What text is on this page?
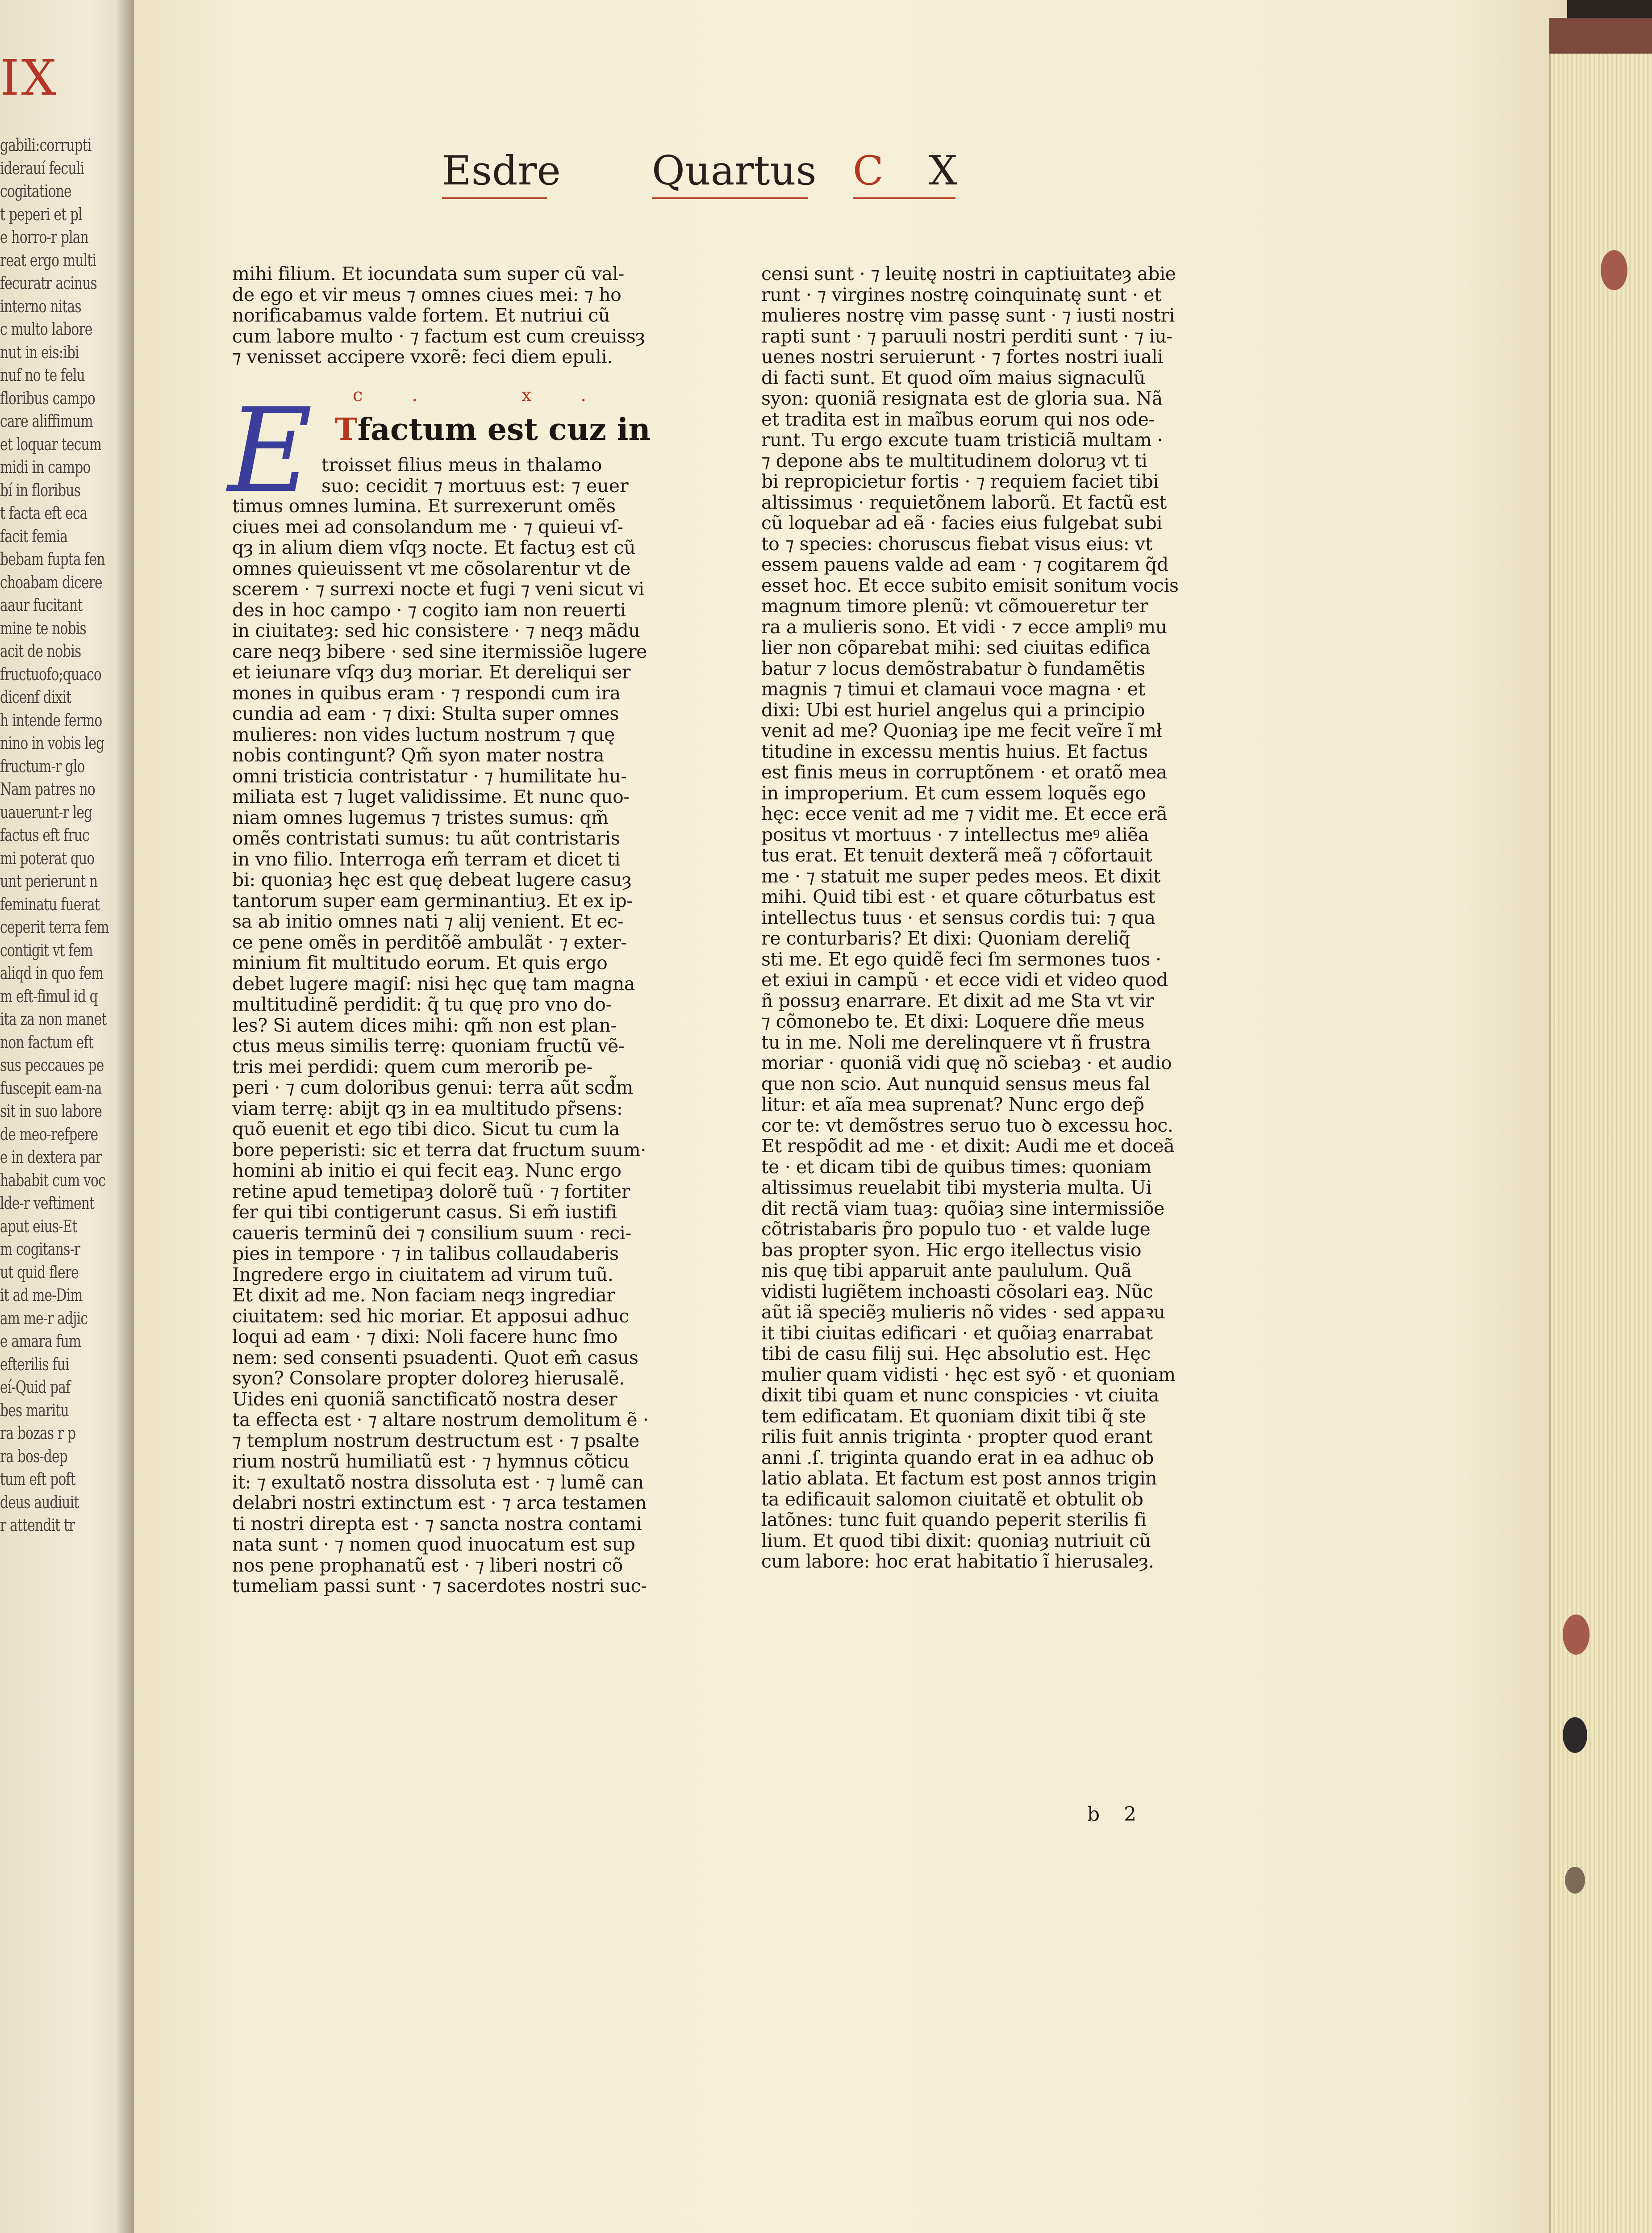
IX
gabili:corrupti
iderauí feculi
cogitatione
t peperi et pl
e horro-r plan
reat ergo multi
fecuratr acinus
interno nitas
c multo labore
nut in eis:ibi
nuf no te felu
floribus campo
care aliffimum
et loquar tecum
midi in campo
bí in floribus
t facta eft eca
facit femia
bebam fupta fen
choabam dicere
aaur fucitant
mine te nobis
acit de nobis
fructuofo;quaco
dicenf dixit
h intende fermo
nino in vobis leg
fructum-r glo
Nam patres no
uauerunt-r leg
factus eft fruc
mi poterat quo
unt perierunt n
feminatu fuerat
ceperit terra fem
contigit vt fem
aliqd in quo fem
m eft-fimul id q
ita za non manet
non factum eft
sus peccaues pe
fuscepit eam-na
sit in suo labore
de meo-refpere
e in dextera par
hababit cum voc
lde-r veftiment
aput eius-Et
m cogitans-r
ut quid flere
it ad me-Dim
am me-r adjic
e amara fum
efterilis fui
eí-Quid paf
bes maritu
ra bozas r p
ra bos-dep
tum eft poft
deus audiuit
r attendit tr
Esdre Quartus C X

mihi filium. Et iocundata sum super cũ val-

de ego et vir meus ⁊ omnes ciues mei: ⁊ ho

norificabamus valde fortem. Et nutriui cũ

cum labore multo · ⁊ factum est cum creuissȝ

⁊ venisset accipere vxorẽ: feci diem epuli.

c. x.
E Tfactum est cuz in

troisset filius meus in thalamo

suo: cecidit ⁊ mortuus est: ⁊ euer

timus omnes lumina. Et surrexerunt omẽs

ciues mei ad consolandum me · ⁊ quieui vſ-

qȝ in alium diem vſqȝ nocte. Et factuȝ est cũ

omnes quieuissent vt me cõsolarentur vt ḋe

scerem · ⁊ surrexi nocte et fugi ⁊ veni sicut vi

des in hoc campo · ⁊ cogito iam non reuerti

in ciuitateȝ: sed hic consistere · ⁊ neqȝ mãdu

care neqȝ bibere · sed sine itermissiõe lugere

et ieiunare vſqȝ duȝ moriar. Et dereliqui ser

mones in quibus eram · ⁊ respondi cum ira

cundia ad eam · ⁊ dixi: Stulta super omnes

mulieres: non vides luctum nostrum ⁊ quę

nobis contingunt? Qm̃ syon mater nostra

omni tristicia contristatur · ⁊ humilitate hu-

miliata est ⁊ luget validissime. Et nunc quo-

niam omnes lugemus ⁊ tristes sumus: qm̃

omẽs contristati sumus: tu aũt contristaris

in vno filio. Interroga em̃ terram et dicet ti

bi: quoniaȝ hęc est quę debeat lugere casuȝ

tantorum super eam germinantiuȝ. Et ex ip-

sa ab initio omnes nati ⁊ alij venient. Et ec-

ce pene omẽs in perditõẽ ambulãt · ⁊ exter-

minium fit multitudo eorum. Et quis ergo

debet lugere magiſ: nisi hęc quę tam magna

multitudinẽ perdidit: q̃ tu quę pro vno do-

les? Si autem dices mihi: qm̃ non est plan-

ctus meus similis terrę: quoniam fructũ vẽ-

tris mei perdidi: quem cum merorib̃ pe-

peri · ⁊ cum doloribus genui: terra aũt scd̃m

viam terrę: abijt qȝ in ea multitudo pr̃sens:

quõ euenit et ego tibi dico. Sicut tu cum la

bore peperisti: sic et terra dat fructum suum·

homini ab initio ei qui fecit eaȝ. Nunc ergo

retine apud temetipaȝ dolorẽ tuũ · ⁊ fortiter

fer qui tibi contigerunt casus. Si em̃ iustifi

caueris terminũ dei ⁊ consilium suum · reci-

pies in tempore · ⁊ in talibus collaudaberis

Ingredere ergo in ciuitatem ad virum tuũ.

Et dixit ad me. Non faciam neqȝ ingrediar

ciuitatem: sed hic moriar. Et apposui adhuc

loqui ad eam · ⁊ dixi: Noli facere hunc ſmo

nem: sed consenti psuadenti. Quot em̃ casus

syon? Consolare propter doloreȝ hierusalẽ.

Uides eni quoniã sanctificatõ nostra deser

ta effecta est · ⁊ altare nostrum demolitum ẽ ·

⁊ templum nostrum destructum est · ⁊ psalte

rium nostrũ humiliatũ est · ⁊ hymnus cõticu

it: ⁊ exultatõ nostra dissoluta est · ⁊ lumẽ can

delabri nostri extinctum est · ⁊ arca testamen

ti nostri direpta est · ⁊ sancta nostra contami

nata sunt · ⁊ nomen quod inuocatum est sup

nos pene prophanatũ est · ⁊ liberi nostri cõ

tumeliam passi sunt · ⁊ sacerdotes nostri suc-

censi sunt · ⁊ leuitę nostri in captiuitateȝ abie

runt · ⁊ virgines nostrę coinquinatę sunt · et

mulieres nostrę vim passę sunt · ⁊ iusti nostri

rapti sunt · ⁊ paruuli nostri perditi sunt · ⁊ iu-

uenes nostri seruierunt · ⁊ fortes nostri iuali

di facti sunt. Et quod oĩm maius signaculũ

syon: quoniã resignata est de gloria sua. Nã

et tradita est in maĩbus eorum qui nos ode-

runt. Tu ergo excute tuam tristiciã multam ·

⁊ depone abs te multitudinem doloruȝ vt ti

bi repropicietur fortis · ⁊ requiem faciet tibi

altissimus · requietõnem laborũ. Et factũ est

cũ loquebar ad eã · facies eius fulgebat subi

to ⁊ species: choruscus fiebat visus eius: vt

essem pauens valde ad eam · ⁊ cogitarem q̃d

esset hoc. Et ecce subito emisit sonitum vocis

magnum timore plenũ: vt cõmoueretur ter

ra a mulieris sono. Et vidi · ⁊ ecce ampliꝰ mu

lier non cõparebat mihi: sed ciuitas edifica

batur ⁊ locus demõstrabatur ꝺ fundamẽtis

magnis ⁊ timui et clamaui voce magna · et

dixi: Ubi est huriel angelus qui a principio

venit ad me? Quoniaȝ ipe me fecit veĩre ĩ mł

titudine in excessu mentis huius. Et factus

est finis meus in corruptõnem · et oratõ mea

in improperium. Et cum essem loquẽs ego

hęc: ecce venit ad me ⁊ vidit me. Et ecce erã

positus vt mortuus · ⁊ intellectus meꝰ aliẽa

tus erat. Et tenuit dexterã meã ⁊ cõfortauit

me · ⁊ statuit me super pedes meos. Et dixit

mihi. Quid tibi est · et quare cõturbatus est

intellectus tuus · et sensus cordis tui: ⁊ qua

re conturbaris? Et dixi: Quoniam dereliq̃

sti me. Et ego quidẽ feci ſm sermones tuos ·

et exiui in campũ · et ecce vidi et video quod

ñ possuȝ enarrare. Et dixit ad me Sta vt vir

⁊ cõmonebo te. Et dixi: Loquere dñe meus

tu in me. Noli me derelinquere vt ñ frustra

moriar · quoniã vidi quę nõ sciebaȝ · et audio

que non scio. Aut nunquid sensus meus fal

litur: et aĩa mea suprenat? Nunc ergo dep̃

cor te: vt demõstres seruo tuo ꝺ excessu hoc.

Et respõdit ad me · et dixit: Audi me et doceã

te · et dicam tibi de quibus times: quoniam

altissimus reuelabit tibi mysteria multa. Ui

dit rectã viam tuaȝ: quõiaȝ sine intermissiõe

cõtristabaris p̃ro populo tuo · et valde luge

bas propter syon. Hic ergo itellectus visio

nis quę tibi apparuit ante paululum. Quã

vidisti lugiẽtem inchoasti cõsolari eaȝ. Nũc

aũt iã speciẽȝ mulieris nõ vides · sed appaꝛu

it tibi ciuitas edificari · et quõiaȝ enarrabat

tibi de casu filij sui. Hęc absolutio est. Hęc

mulier quam vidisti · hęc est syõ · et quoniam

dixit tibi quam et nunc conspicies · vt ciuita

tem edificatam. Et quoniam dixit tibi q̃ ste

rilis fuit annis triginta · propter quod erant

anni .ſ. triginta quando erat in ea adhuc ob

latio ablata. Et factum est post annos trigin

ta edificauit salomon ciuitatẽ et obtulit ob

latõnes: tunc fuit quando peperit sterilis fi

lium. Et quod tibi dixit: quoniaȝ nutriuit cũ

cum labore: hoc erat habitatio ĩ hierusaleȝ.

b 2
